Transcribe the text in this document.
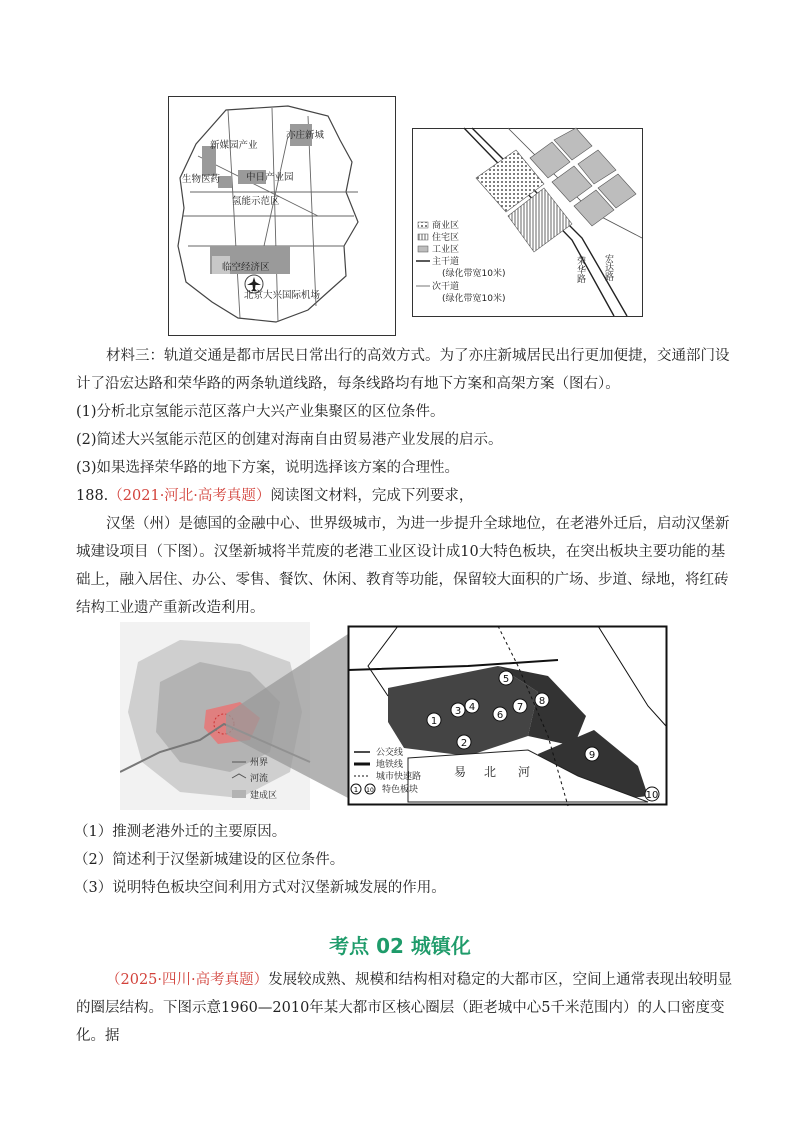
亦庄新城
新媒园产业
生物医药	中日产业园
氢能示范区
临空经济区
北京大兴国际机场
商业区
住宅区
工业区
主干道
(绿化带宽10米)
次干道
(绿化带宽10米)
荣华路 宏达路

材料三：轨道交通是都市居民日常出行的高效方式。为了亦庄新城居民出行更加便捷，交通部门设计了沿宏达路和荣华路的两条轨道线路，每条线路均有地下方案和高架方案（图右）。

(1)分析北京氢能示范区落户大兴产业集聚区的区位条件。

(2)简述大兴氢能示范区的创建对海南自由贸易港产业发展的启示。

(3)如果选择荣华路的地下方案，说明选择该方案的合理性。

188.（2021·河北·高考真题）阅读图文材料，完成下列要求，

汉堡（州）是德国的金融中心、世界级城市，为进一步提升全球地位，在老港外迁后，启动汉堡新城建设项目（下图）。汉堡新城将半荒废的老港工业区设计成10大特色板块，在突出板块主要功能的基础上，融入居住、办公、零售、餐饮、休闲、教育等功能，保留较大面积的广场、步道、绿地，将红砖结构工业遗产重新改造利用。

州界
河流
建成区
1
2
3 4
5
6
7
8
9
10
易 北 河
公交线
地铁线
城市快速路
1 10 特色板块

（1）推测老港外迁的主要原因。

（2）简述利于汉堡新城建设的区位条件。

（3）说明特色板块空间利用方式对汉堡新城发展的作用。

考点 02 城镇化

（2025·四川·高考真题）发展较成熟、规模和结构相对稳定的大都市区，空间上通常表现出较明显的圈层结构。下图示意1960—2010年某大都市区核心圈层（距老城中心5千米范围内）的人口密度变化。据
